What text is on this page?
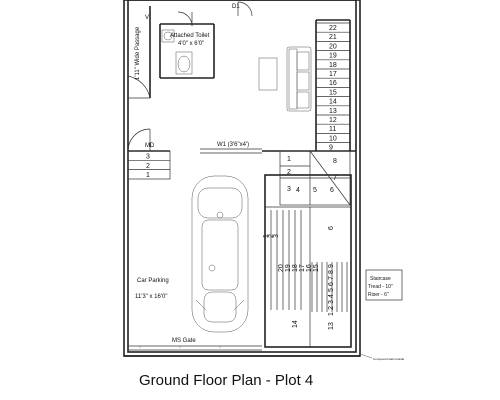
22
21
20
19
18
17
16
15
14
13
12
11
10
9
3
2
1
1
2
3 4 5 6
7
8
1
2
3
20 19 18 17 16 15
14
9
8
7
6
5
4
3
2
1
6
13
V
D1
Attached Toilet
4'0" x 6'0"
1'11" Wide Passage
MD	W1 (3'6"x4')
Car Parking
11'3" x 16'0"
MS Gate
Staircase
Tread - 10"
Riser - 6"
Compound wall outside
Ground Floor Plan - Plot 4
